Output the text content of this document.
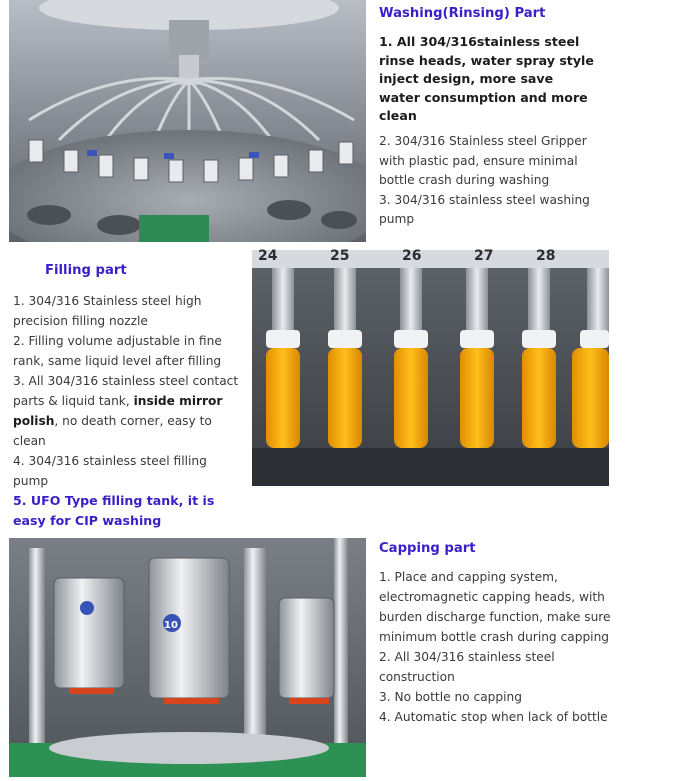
Washing(Rinsing) Part

1. All 304/316stainless steel rinse heads, water spray style inject design, more save water consumption and more clean

2. 304/316 Stainless steel Gripper with plastic pad, ensure minimal bottle crash during washing

3. 304/316 stainless steel washing pump

Filling part

1. 304/316 Stainless steel high precision filling nozzle

2. Filling volume adjustable in fine rank, same liquid level after filling

3. All 304/316 stainless steel contact parts & liquid tank, inside mirror polish, no death corner, easy to clean

4. 304/316 stainless steel filling pump

5. UFO Type filling tank, it is easy for CIP washing

24	25	26	27	28
10
Capping part

1. Place and capping system, electromagnetic capping heads, with burden discharge function, make sure minimum bottle crash during capping

2. All 304/316 stainless steel construction

3. No bottle no capping

4. Automatic stop when lack of bottle
